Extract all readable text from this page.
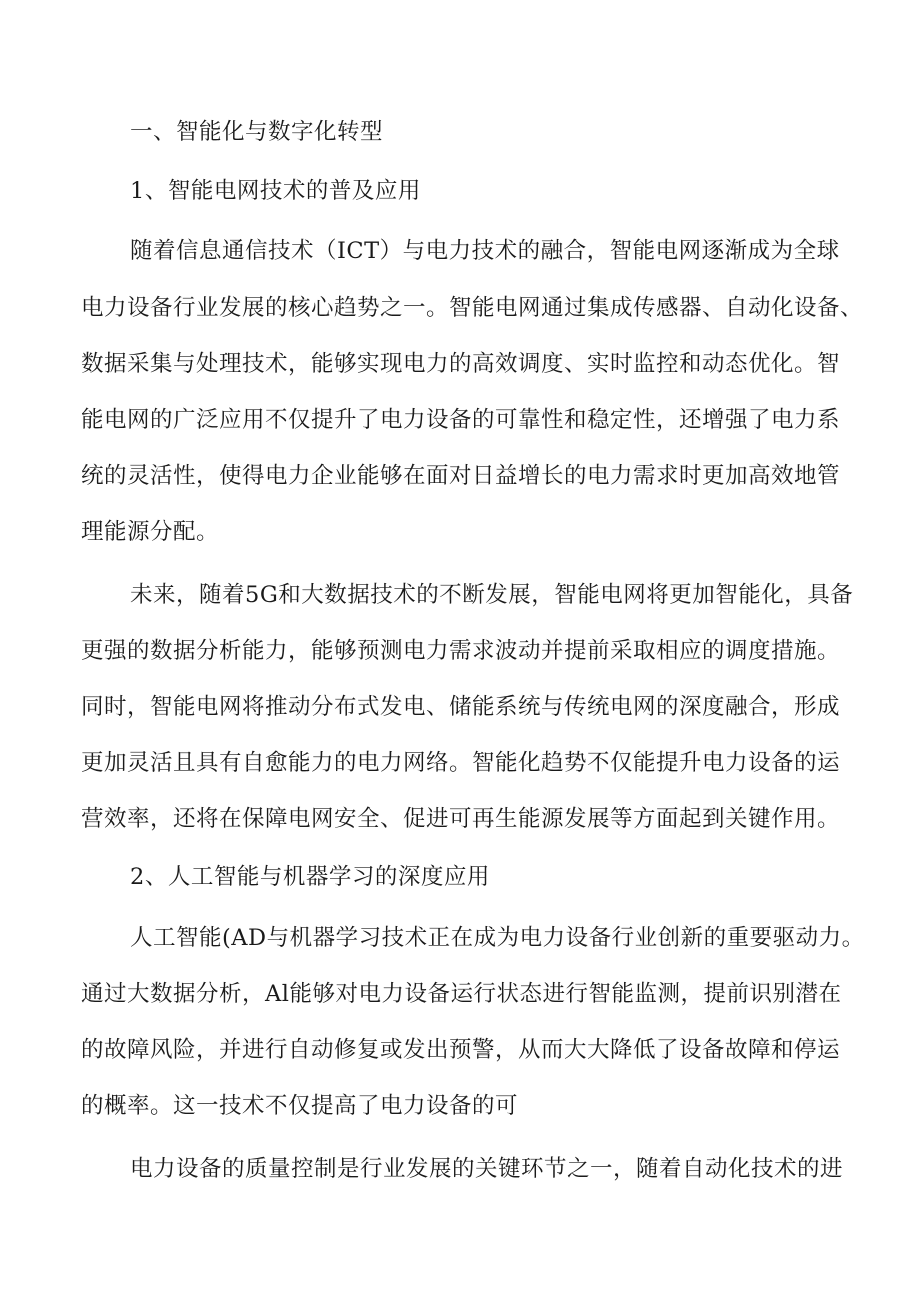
一、智能化与数字化转型
1、智能电网技术的普及应用
随着信息通信技术（ICT）与电力技术的融合，智能电网逐渐成为全球
电力设备行业发展的核心趋势之一。智能电网通过集成传感器、自动化设备、
数据采集与处理技术，能够实现电力的高效调度、实时监控和动态优化。智
能电网的广泛应用不仅提升了电力设备的可靠性和稳定性，还增强了电力系
统的灵活性，使得电力企业能够在面对日益增长的电力需求时更加高效地管
理能源分配。
未来，随着5G和大数据技术的不断发展，智能电网将更加智能化，具备
更强的数据分析能力，能够预测电力需求波动并提前采取相应的调度措施。
同时，智能电网将推动分布式发电、储能系统与传统电网的深度融合，形成
更加灵活且具有自愈能力的电力网络。智能化趋势不仅能提升电力设备的运
营效率，还将在保障电网安全、促进可再生能源发展等方面起到关键作用。
2、人工智能与机器学习的深度应用
人工智能(AD与机器学习技术正在成为电力设备行业创新的重要驱动力。
通过大数据分析，Al能够对电力设备运行状态进行智能监测，提前识别潜在
的故障风险，并进行自动修复或发出预警，从而大大降低了设备故障和停运
的概率。这一技术不仅提高了电力设备的可
电力设备的质量控制是行业发展的关键环节之一，随着自动化技术的进
